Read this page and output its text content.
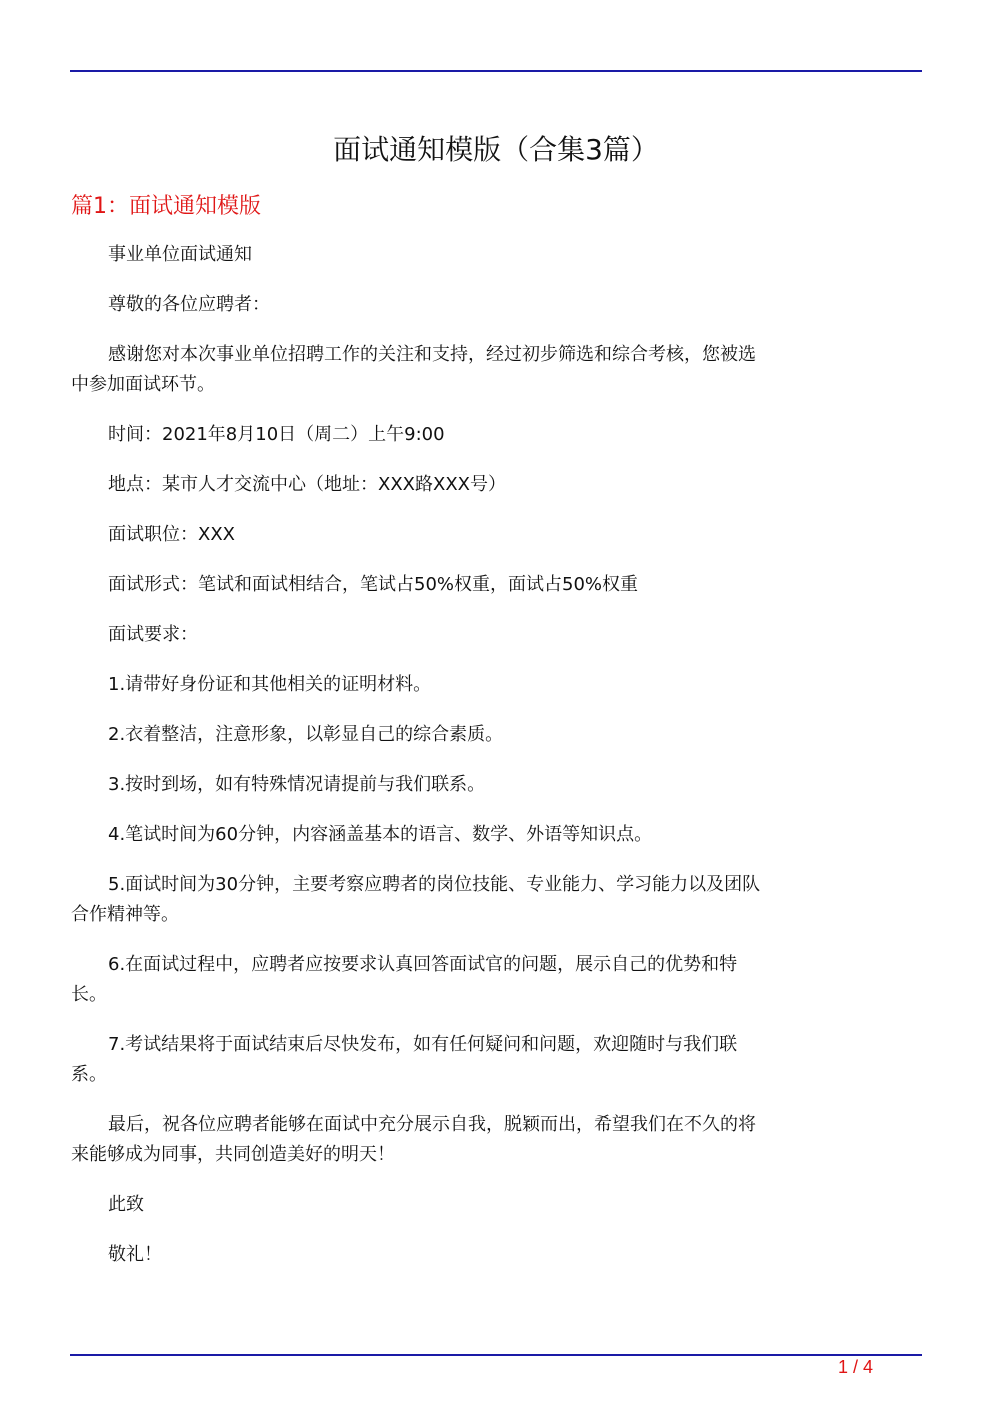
面试通知模版（合集3篇）
篇1：面试通知模版

事业单位面试通知

尊敬的各位应聘者：

感谢您对本次事业单位招聘工作的关注和支持，经过初步筛选和综合考核，您被选中参加面试环节。

时间：2021年8月10日（周二）上午9:00

地点：某市人才交流中心（地址：XXX路XXX号）

面试职位：XXX

面试形式：笔试和面试相结合，笔试占50%权重，面试占50%权重

面试要求：

1.请带好身份证和其他相关的证明材料。

2.衣着整洁，注意形象，以彰显自己的综合素质。

3.按时到场，如有特殊情况请提前与我们联系。

4.笔试时间为60分钟，内容涵盖基本的语言、数学、外语等知识点。

5.面试时间为30分钟，主要考察应聘者的岗位技能、专业能力、学习能力以及团队合作精神等。

6.在面试过程中，应聘者应按要求认真回答面试官的问题，展示自己的优势和特长。

7.考试结果将于面试结束后尽快发布，如有任何疑问和问题，欢迎随时与我们联系。

最后，祝各位应聘者能够在面试中充分展示自我，脱颖而出，希望我们在不久的将来能够成为同事，共同创造美好的明天！

此致

敬礼！

1 / 4
